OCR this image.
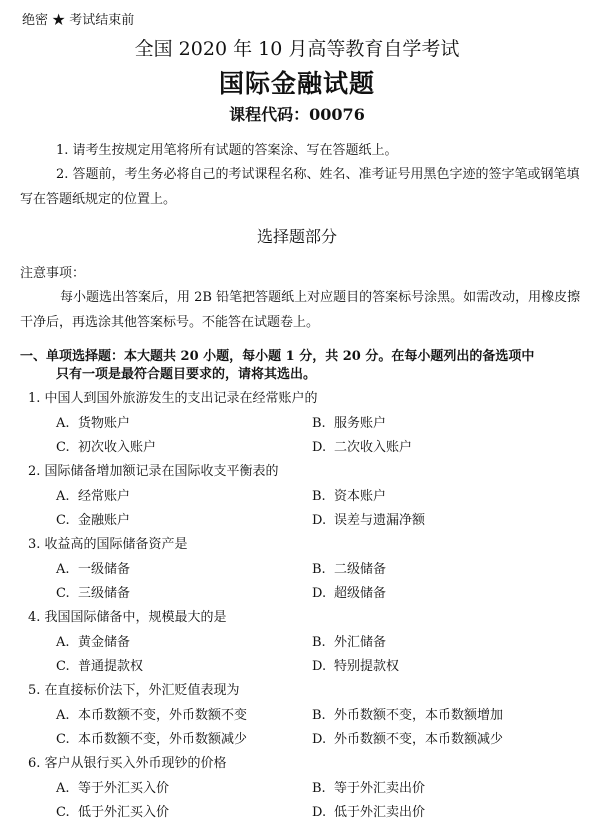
绝密 ★ 考试结束前
全国 2020 年 10 月高等教育自学考试
国际金融试题
课程代码：00076
1. 请考生按规定用笔将所有试题的答案涂、写在答题纸上。
2. 答题前，考生务必将自己的考试课程名称、姓名、准考证号用黑色字迹的签字笔或钢笔填写在答题纸规定的位置上。
选择题部分
注意事项：
每小题选出答案后，用 2B 铅笔把答题纸上对应题目的答案标号涂黑。如需改动，用橡皮擦干净后，再选涂其他答案标号。不能答在试题卷上。
一、单项选择题：本大题共 20 小题，每小题 1 分，共 20 分。在每小题列出的备选项中
只有一项是最符合题目要求的，请将其选出。
1. 中国人到国外旅游发生的支出记录在经常账户的
A. 货物账户	B. 服务账户
C. 初次收入账户	D. 二次收入账户
2. 国际储备增加额记录在国际收支平衡表的
A. 经常账户	B. 资本账户
C. 金融账户	D. 误差与遗漏净额
3. 收益高的国际储备资产是
A. 一级储备	B. 二级储备
C. 三级储备	D. 超级储备
4. 我国国际储备中，规模最大的是
A. 黄金储备	B. 外汇储备
C. 普通提款权	D. 特别提款权
5. 在直接标价法下，外汇贬值表现为
A. 本币数额不变，外币数额不变	B. 外币数额不变，本币数额增加
C. 本币数额不变，外币数额减少	D. 外币数额不变，本币数额减少
6. 客户从银行买入外币现钞的价格
A. 等于外汇买入价	B. 等于外汇卖出价
C. 低于外汇买入价	D. 低于外汇卖出价
